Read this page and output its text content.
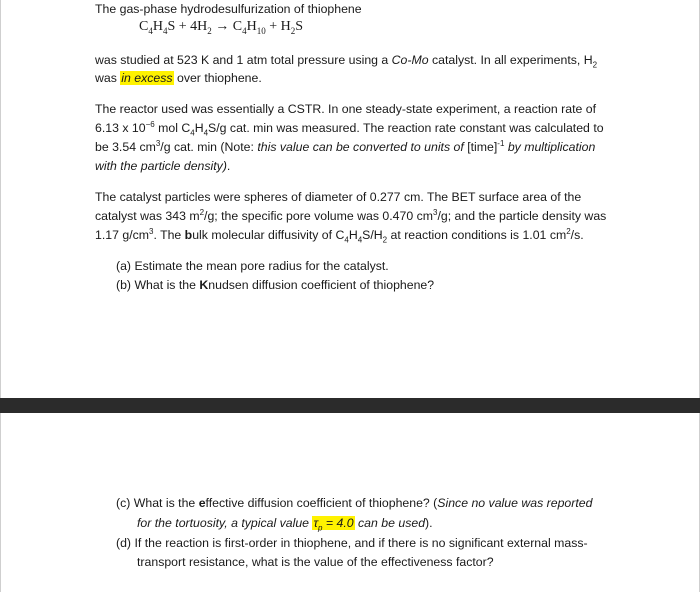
The gas-phase hydrodesulfurization of thiophene
$C_4H_4S + 4H_2 \to C_4H_{10} + H_2S$
was studied at 523 K and 1 atm total pressure using a Co-Mo catalyst. In all experiments, $H_2$
was in excess over thiophene.
The reactor used was essentially a CSTR. In one steady-state experiment, a reaction rate of
6.13 x $10^{-6}$ mol $C_4H_4S/g$ cat. min was measured. The reaction rate constant was calculated to
be 3.54 $cm^3/g$ cat. min (Note: this value can be converted to units of [time]$^{-1}$ by multiplication
with the particle density).
The catalyst particles were spheres of diameter of 0.277 cm. The BET surface area of the
catalyst was 343 $m^2/g$; the specific pore volume was 0.470 $cm^3/g$; and the particle density was
1.17 $g/cm^3$. The bulk molecular diffusivity of $C_4H_4S/H_2$ at reaction conditions is 1.01 $cm^2/s$.
(a) Estimate the mean pore radius for the catalyst.
(b) What is the Knudsen diffusion coefficient of thiophene?
(c) What is the effective diffusion coefficient of thiophene? (Since no value was reported
for the tortuosity, a typical value $\tau_p = 4.0$ can be used).
(d) If the reaction is first-order in thiophene, and if there is no significant external mass-
transport resistance, what is the value of the effectiveness factor?
